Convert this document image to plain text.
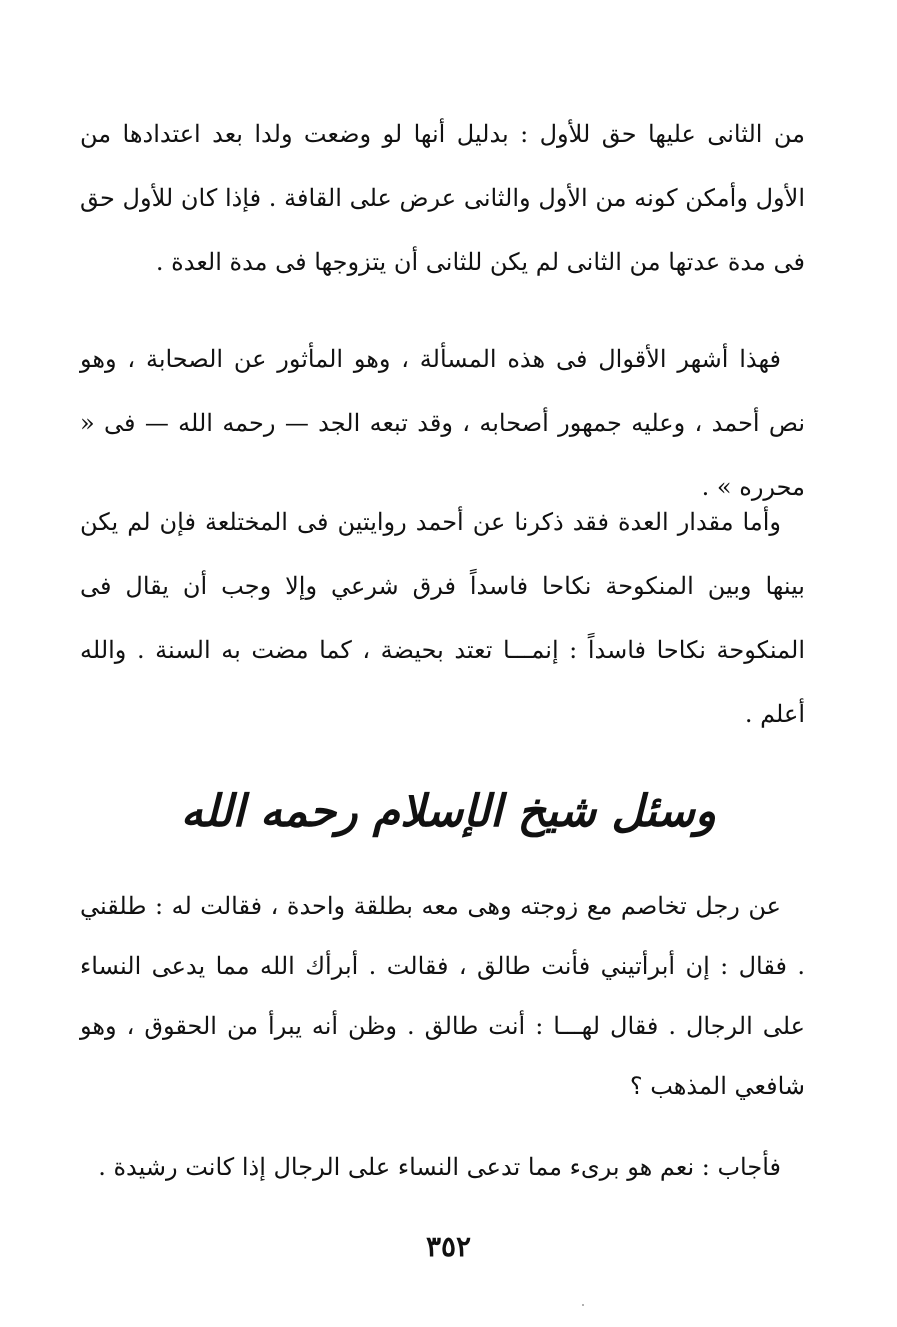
من الثانى عليها حق للأول : بدليل أنها لو وضعت ولدا بعد اعتدادها من الأول وأمكن كونه من الأول والثانى عرض على القافة . فإذا كان للأول حق فى مدة عدتها من الثانى لم يكن للثانى أن يتزوجها فى مدة العدة .

فهذا أشهر الأقوال فى هذه المسألة ، وهو المأثور عن الصحابة ، وهو نص أحمد ، وعليه جمهور أصحابه ، وقد تبعه الجد — رحمه الله — فى « محرره » .

وأما مقدار العدة فقد ذكرنا عن أحمد روايتين فى المختلعة فإن لم يكن بينها وبين المنكوحة نكاحا فاسداً فرق شرعي وإلا وجب أن يقال فى المنكوحة نكاحا فاسداً : إنمـــا تعتد بحيضة ، كما مضت به السنة . والله أعلم .

وسئل شيخ الإسلام رحمه الله

عن رجل تخاصم مع زوجته وهى معه بطلقة واحدة ، فقالت له : طلقني . فقال : إن أبرأتيني فأنت طالق ، فقالت . أبرأك الله مما يدعى النساء على الرجال . فقال لهـــا : أنت طالق . وظن أنه يبرأ من الحقوق ، وهو شافعي المذهب ؟

فأجاب : نعم هو برىء مما تدعى النساء على الرجال إذا كانت رشيدة .

٣٥٢
